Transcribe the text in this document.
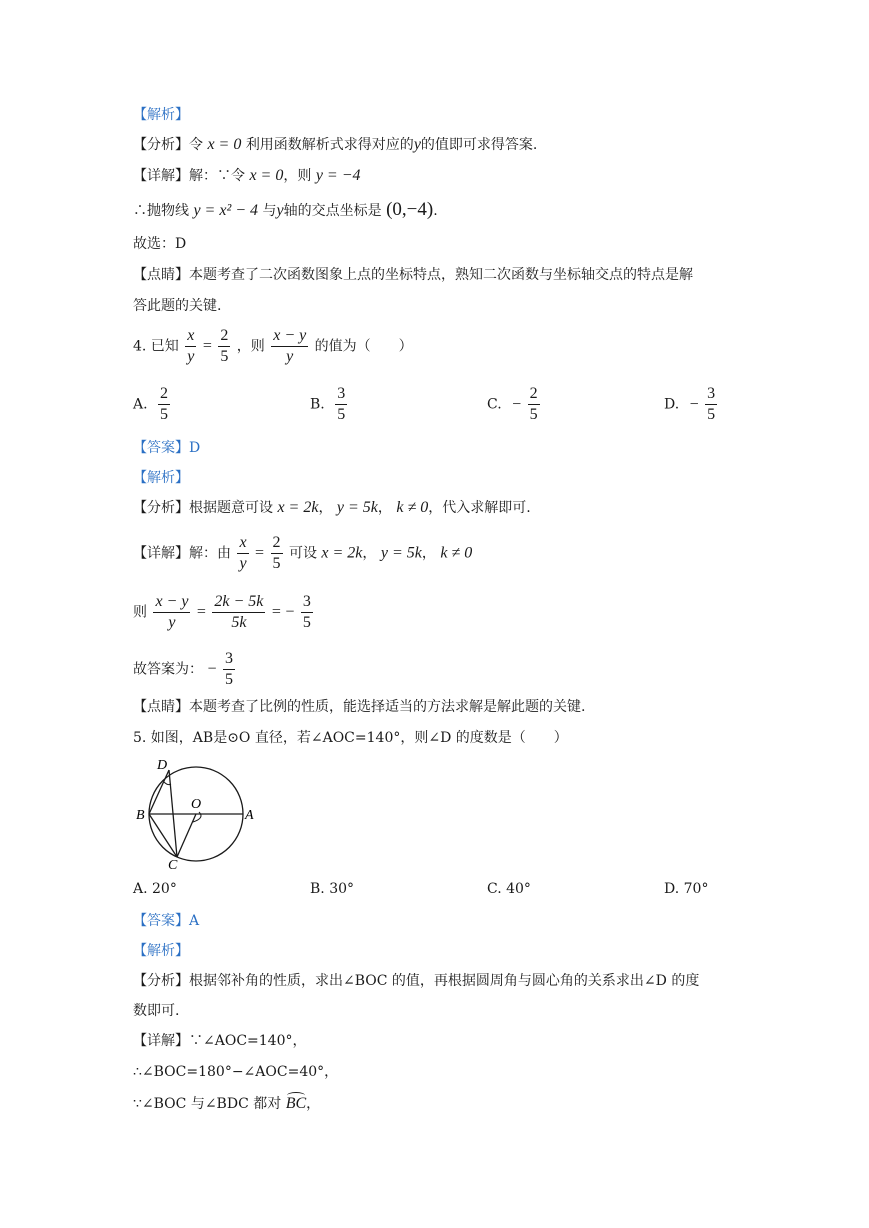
【解析】
【分析】令 x = 0 利用函数解析式求得对应的y的值即可求得答案.
【详解】解：∵令 x = 0，则 y = −4
∴抛物线 y = x² − 4 与y轴的交点坐标是 (0,−4).
故选：D
【点睛】本题考查了二次函数图象上点的坐标特点，熟知二次函数与坐标轴交点的特点是解
答此题的关键.
4. 已知 $\frac{x}{y} = \frac{2}{5}$ ，则 $\frac{x - y}{y}$ 的值为（　　）
A. $\frac{2}{5}$	B. $\frac{3}{5}$	C. − $\frac{2}{5}$	D. − $\frac{3}{5}$
【答案】D
【解析】
【分析】根据题意可设 x = 2k， y = 5k， k ≠ 0，代入求解即可.
【详解】解：由 $\frac{x}{y} = \frac{2}{5}$ 可设 x = 2k， y = 5k， k ≠ 0
则 $\frac{x - y}{y} = \frac{2k - 5k}{5k}$ = − $\frac{3}{5}$
故答案为： − $\frac{3}{5}$
【点睛】本题考查了比例的性质，能选择适当的方法求解是解此题的关键.
5. 如图，AB是⊙O 直径，若∠AOC=140°，则∠D 的度数是（　　）
D
B
O
A
C
A. 20°	B. 30°	C. 40°	D. 70°
【答案】A
【解析】
【分析】根据邻补角的性质，求出∠BOC 的值，再根据圆周角与圆心角的关系求出∠D 的度
数即可.
【详解】∵∠AOC=140°，
∴∠BOC=180°−∠AOC=40°，
∵∠BOC 与∠BDC 都对 BC，
